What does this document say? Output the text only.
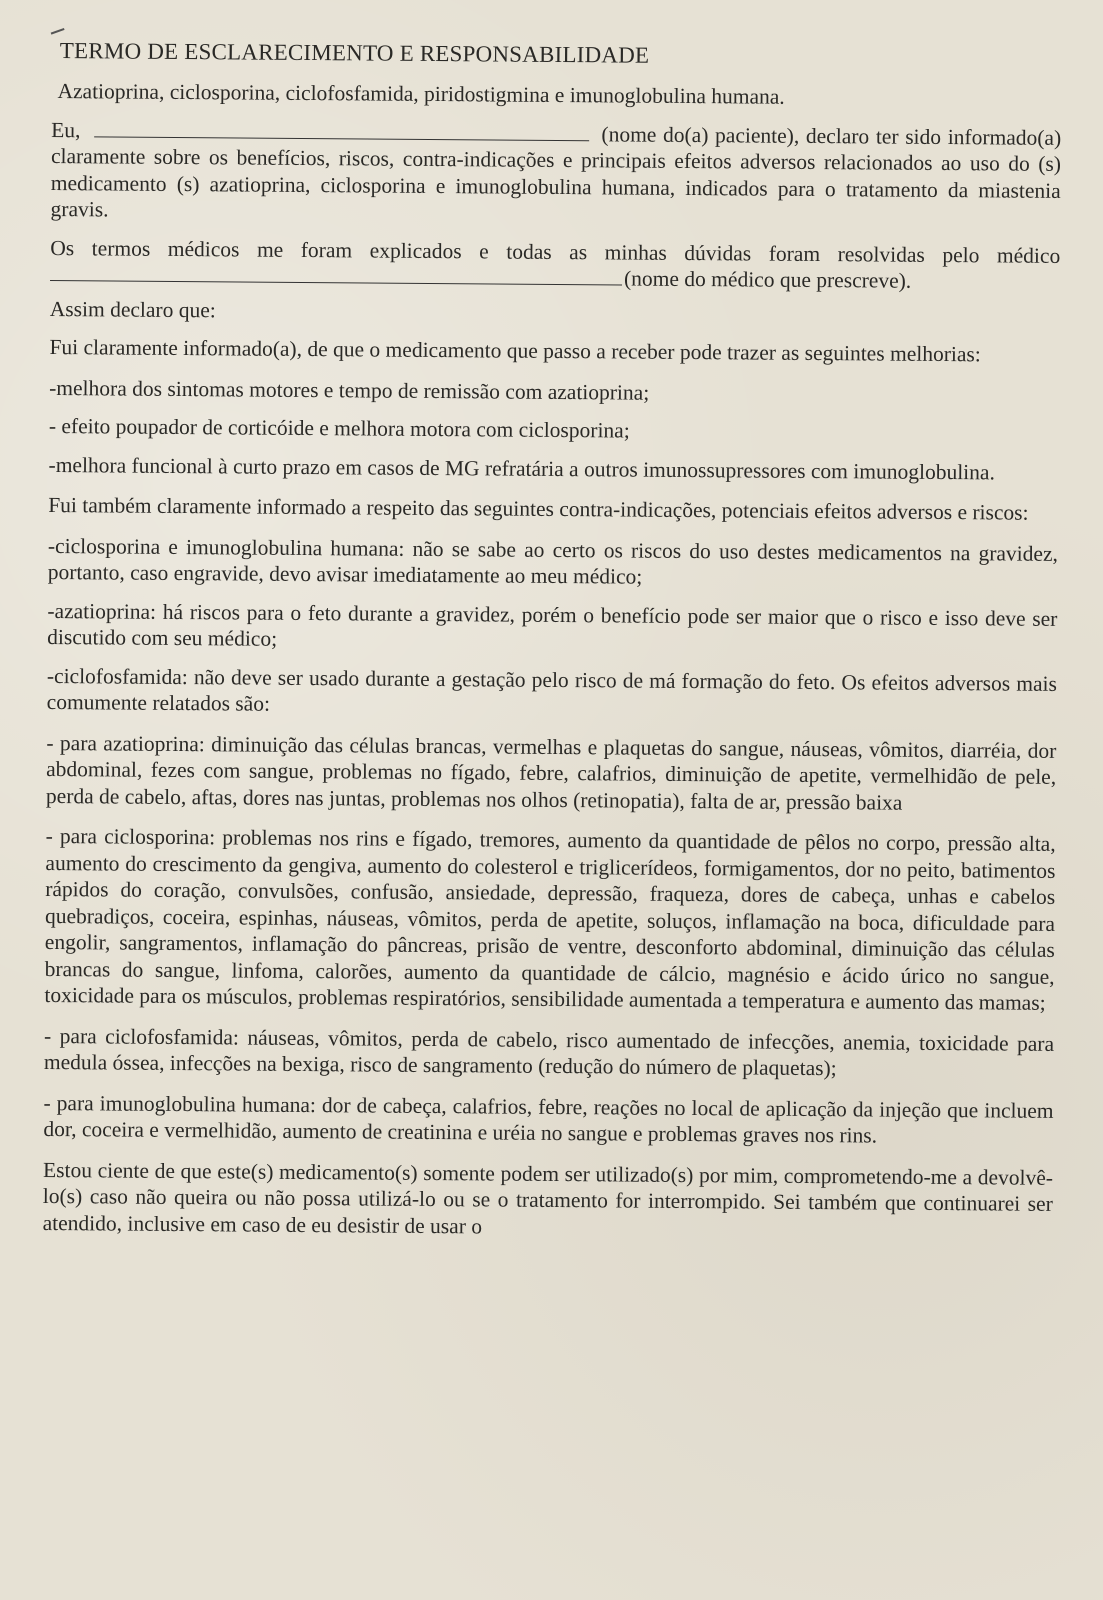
TERMO DE ESCLARECIMENTO E RESPONSABILIDADE

Azatioprina, ciclosporina, ciclofosfamida, piridostigmina e imunoglobulina humana.

Eu,	(nome do(a) paciente), declaro ter sido informado(a) claramente sobre os benefícios, riscos, contra-indicações e principais efeitos adversos relacionados ao uso do (s) medicamento (s) azatioprina, ciclosporina e imunoglobulina humana, indicados para o tratamento da miastenia gravis.

Os termos médicos me foram explicados e todas as minhas dúvidas foram resolvidas pelo médico(nome do médico que prescreve).

Assim declaro que:

Fui claramente informado(a), de que o medicamento que passo a receber pode trazer as seguintes melhorias:

-melhora dos sintomas motores e tempo de remissão com azatioprina;

- efeito poupador de corticóide e melhora motora com ciclosporina;

-melhora funcional à curto prazo em casos de MG refratária a outros imunossupressores com imunoglobulina.

Fui também claramente informado a respeito das seguintes contra-indicações, potenciais efeitos adversos e riscos:

-ciclosporina e imunoglobulina humana: não se sabe ao certo os riscos do uso destes medicamentos na gravidez, portanto, caso engravide, devo avisar imediatamente ao meu médico;

-azatioprina: há riscos para o feto durante a gravidez, porém o benefício pode ser maior que o risco e isso deve ser discutido com seu médico;

-ciclofosfamida: não deve ser usado durante a gestação pelo risco de má formação do feto. Os efeitos adversos mais comumente relatados são:

- para azatioprina: diminuição das células brancas, vermelhas e plaquetas do sangue, náuseas, vômitos, diarréia, dor abdominal, fezes com sangue, problemas no fígado, febre, calafrios, diminuição de apetite, vermelhidão de pele, perda de cabelo, aftas, dores nas juntas, problemas nos olhos (retinopatia), falta de ar, pressão baixa

- para ciclosporina: problemas nos rins e fígado, tremores, aumento da quantidade de pêlos no corpo, pressão alta, aumento do crescimento da gengiva, aumento do colesterol e triglicerídeos, formigamentos, dor no peito, batimentos rápidos do coração, convulsões, confusão, ansiedade, depressão, fraqueza, dores de cabeça, unhas e cabelos quebradiços, coceira, espinhas, náuseas, vômitos, perda de apetite, soluços, inflamação na boca, dificuldade para engolir, sangramentos, inflamação do pâncreas, prisão de ventre, desconforto abdominal, diminuição das células brancas do sangue, linfoma, calorões, aumento da quantidade de cálcio, magnésio e ácido úrico no sangue, toxicidade para os músculos, problemas respiratórios, sensibilidade aumentada a temperatura e aumento das mamas;

- para ciclofosfamida: náuseas, vômitos, perda de cabelo, risco aumentado de infecções, anemia, toxicidade para medula óssea, infecções na bexiga, risco de sangramento (redução do número de plaquetas);

- para imunoglobulina humana: dor de cabeça, calafrios, febre, reações no local de aplicação da injeção que incluem dor, coceira e vermelhidão, aumento de creatinina e uréia no sangue e problemas graves nos rins.

Estou ciente de que este(s) medicamento(s) somente podem ser utilizado(s) por mim, comprometendo-me a devolvê-lo(s) caso não queira ou não possa utilizá-lo ou se o tratamento for interrompido. Sei também que continuarei ser atendido, inclusive em caso de eu desistir de usar o
